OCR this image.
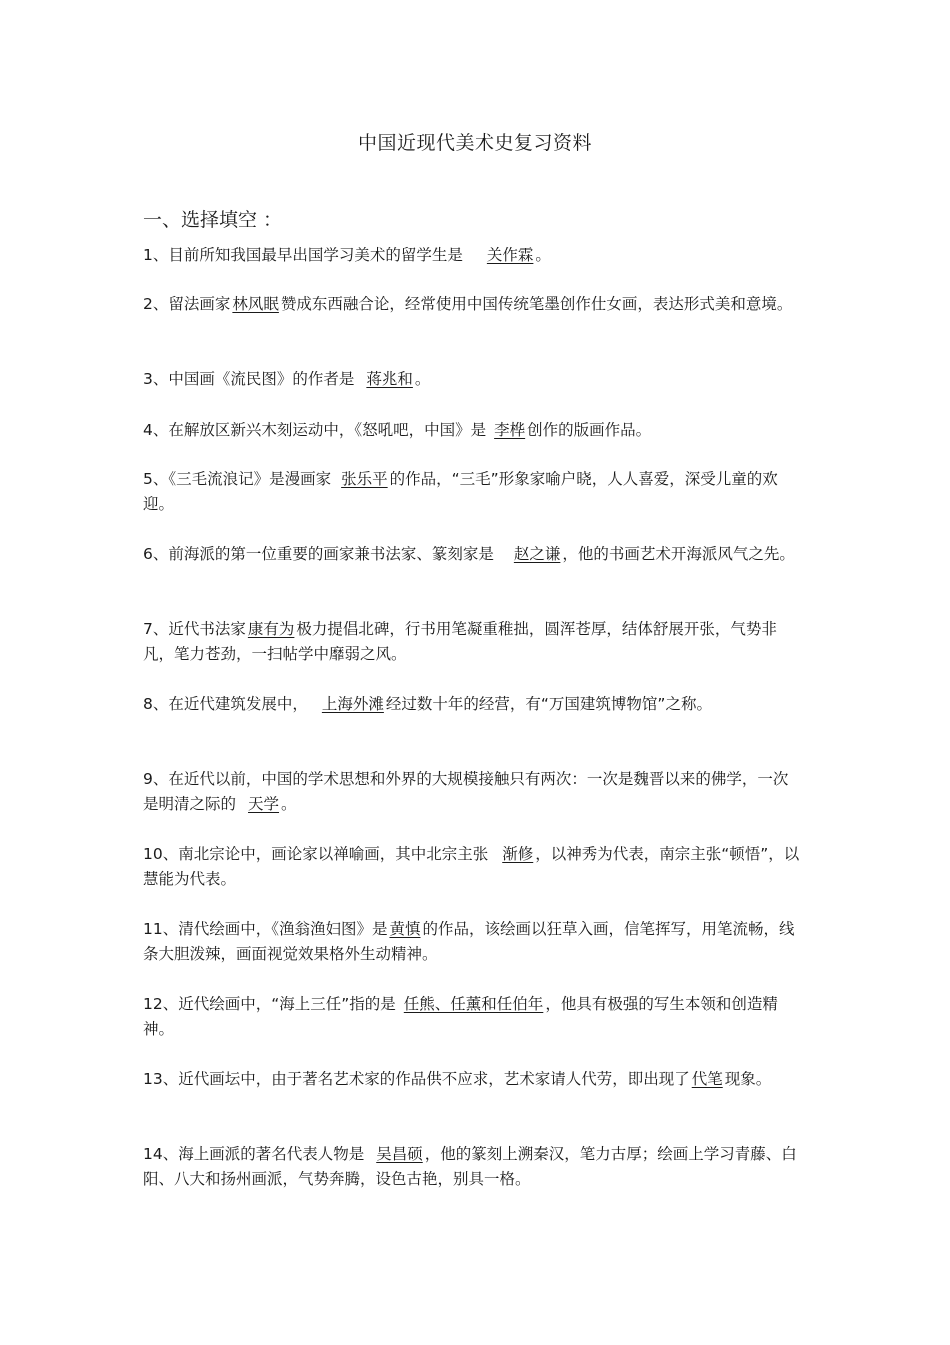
中国近现代美术史复习资料
一、选择填空 ：

1、目前所知我国最早出国学习美术的留学生是 关作霖 。

2、留法画家 林风眠 赞成东西融合论，经常使用中国传统笔墨创作仕女画，表达形式美和意境。

3、中国画《流民图》的作者是 蒋兆和 。

4、在解放区新兴木刻运动中，《怒吼吧，中国》是 李桦 创作的版画作品。

5、《三毛流浪记》是漫画家 张乐平 的作品，“三毛”形象家喻户晓，人人喜爱，深受儿童的欢迎。

6、前海派的第一位重要的画家兼书法家、篆刻家是 赵之谦 ，他的书画艺术开海派风气之先。

7、近代书法家 康有为 极力提倡北碑，行书用笔凝重稚拙，圆浑苍厚，结体舒展开张，气势非凡，笔力苍劲，一扫帖学中靡弱之风。

8、在近代建筑发展中， 上海外滩 经过数十年的经营，有“万国建筑博物馆”之称。

9、在近代以前，中国的学术思想和外界的大规模接触只有两次：一次是魏晋以来的佛学，一次是明清之际的 天学 。

10、南北宗论中，画论家以禅喻画，其中北宗主张 渐修 ，以神秀为代表，南宗主张“顿悟”，以慧能为代表。

11、清代绘画中，《渔翁渔妇图》是 黄慎 的作品，该绘画以狂草入画，信笔挥写，用笔流畅，线条大胆泼辣，画面视觉效果格外生动精神。

12、近代绘画中，“海上三任”指的是 任熊、任薰和任伯年 ，他具有极强的写生本领和创造精神。

13、近代画坛中，由于著名艺术家的作品供不应求，艺术家请人代劳，即出现了 代笔 现象。

14、海上画派的著名代表人物是 吴昌硕 ，他的篆刻上溯秦汉，笔力古厚；绘画上学习青藤、白阳、八大和扬州画派，气势奔腾，设色古艳，别具一格。
